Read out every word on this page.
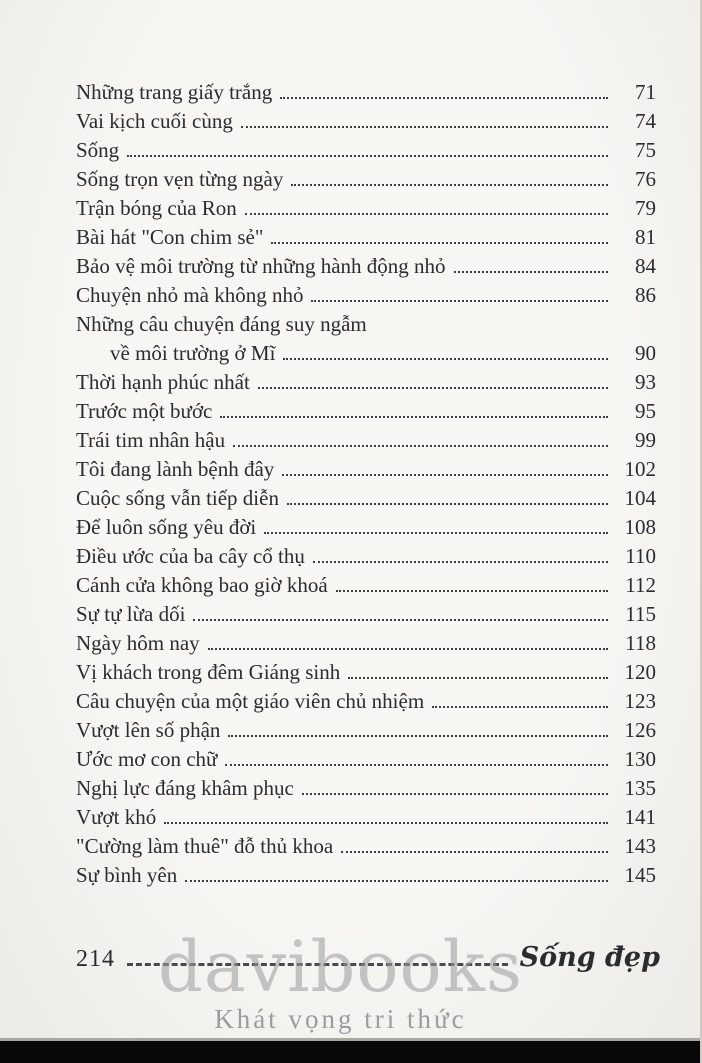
Những trang giấy trắng	71
Vai kịch cuối cùng	74
Sống	75
Sống trọn vẹn từng ngày	76
Trận bóng của Ron	79
Bài hát "Con chim sẻ"	81
Bảo vệ môi trường từ những hành động nhỏ	84
Chuyện nhỏ mà không nhỏ	86
Những câu chuyện đáng suy ngẫm
về môi trường ở Mĩ	90
Thời hạnh phúc nhất	93
Trước một bước	95
Trái tim nhân hậu	99
Tôi đang lành bệnh đây	102
Cuộc sống vẫn tiếp diễn	104
Để luôn sống yêu đời	108
Điều ước của ba cây cổ thụ	110
Cánh cửa không bao giờ khoá	112
Sự tự lừa dối	115
Ngày hôm nay	118
Vị khách trong đêm Giáng sinh	120
Câu chuyện của một giáo viên chủ nhiệm	123
Vượt lên số phận	126
Ước mơ con chữ	130
Nghị lực đáng khâm phục	135
Vượt khó	141
"Cường làm thuê" đỗ thủ khoa	143
Sự bình yên	145
214	Sống đẹp
davibooks
Khát vọng tri thức
